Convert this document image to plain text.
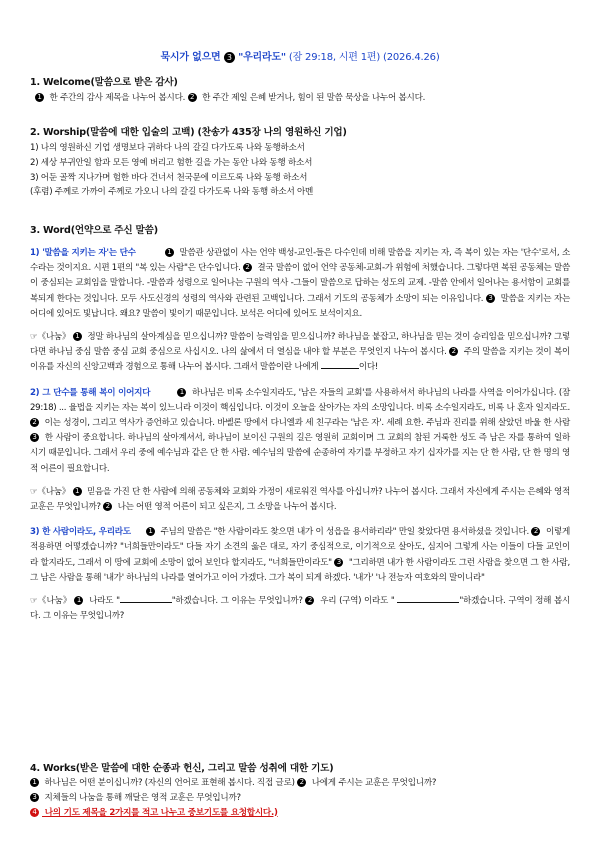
묵시가 없으면 3 "우리라도" (잠 29:18, 시편 1편) (2026.4.26)

1. Welcome(말씀으로 받은 감사)

1 한 주간의 감사 제목을 나누어 봅시다. 2 한 주간 제일 은혜 받거나, 힘이 된 말씀 묵상을 나누어 봅시다.

2. Worship(말씀에 대한 입술의 고백) (찬송가 435장 나의 영원하신 기업)

1) 나의 영원하신 기업 생명보다 귀하다 나의 갈길 다가도록 나와 동행하소서

2) 세상 부귀안일 함과 모든 영예 버리고 험한 길을 가는 동안 나와 동행 하소서

3) 어둔 골짝 지나가며 험한 바다 건너서 천국문에 이르도록 나와 동행 하소서

(후렴) 주께로 가까이 주께로 가오니 나의 갈길 다가도록 나와 동행 하소서 아멘

3. Word(언약으로 주신 말씀)

1) '말씀을 지키는 자'는 단수	1 말씀관 상관없이 사는 언약 백성-교인-들은 다수인데 비해 말씀을 지키는 자, 즉 복이 있는 자는 '단수'로서, 소수라는 것이지요. 시편 1편의 "복 있는 사람"은 단수입니다. 2 결국 말씀이 없어 언약 공동체-교회-가 위험에 처했습니다. 그렇다면 복된 공동체는 말씀이 중심되는 교회임을 말합니다. -말씀과 성령으로 일어나는 구원의 역사 -그들이 말씀으로 답하는 성도의 교제. -말씀 안에서 일어나는 용서함이 교회를 복되게 한다는 것입니다. 모두 사도신경의 성령의 역사와 관련된 고백입니다. 그래서 기도의 공동체가 소망이 되는 이유입니다. 3 말씀을 지키는 자는 어디에 있어도 빛납니다. 왜요? 말씀이 빛이기 때문입니다. 보석은 어디에 있어도 보석이지요.

☞《나눔》 1 정말 하나님의 살아계심을 믿으십니까? 말씀이 능력임을 믿으십니까? 하나님을 붙잡고, 하나님을 믿는 것이 승리임을 믿으십니까? 그렇다면 하나님 중심 말씀 중심 교회 중심으로 사십시오. 나의 삶에서 더 열심을 내야 할 부분은 무엇인지 나누어 봅시다. 2 주의 말씀을 지키는 것이 복이 이유를 자신의 신앙고백과 경험으로 통해 나누어 봅시다. 그래서 말씀이란 나에게	이다!

2) 그 단수를 통해 복이 이어지다	1 하나님은 비록 소수일지라도, '남은 자들의 교회'를 사용하셔서 하나님의 나라를 사역을 이어가십니다. (잠 29:18) ... 율법을 지키는 자는 복이 있느니라 이것이 핵심입니다. 이것이 오늘을 살아가는 자의 소망입니다. 비록 소수일지라도, 비록 나 혼자 일지라도. 2 이는 성경이, 그리고 역사가 증언하고 있습니다. 바벨론 땅에서 다니엘과 세 친구라는 '남은 자'. 세례 요한. 주님과 진리를 위해 살았던 바울 한 사람 3 한 사람이 중요합니다. 하나님의 살아계셔서, 하나님이 보이신 구원의 길은 영원히 교회이며 그 교회의 참된 거룩한 성도 즉 남은 자를 통하여 일하시기 때문입니다. 그래서 우리 중에 예수님과 같은 단 한 사람. 예수님의 말씀에 순종하여 자기를 부정하고 자기 십자가를 지는 단 한 사람, 단 한 명의 영적 어른이 필요합니다.

☞《나눔》 1 믿음을 가진 단 한 사람에 의해 공동체와 교회와 가정이 새로워진 역사를 아십니까? 나누어 봅시다. 그래서 자신에게 주시는 은혜와 영적 교훈은 무엇입니까? 2 나는 어떤 영적 어른이 되고 싶은지, 그 소망을 나누어 봅시다.

3) 한 사람이라도, 우리라도	1 주님의 말씀은 "한 사람이라도 찾으면 내가 이 성읍을 용서하리라" 만일 찾았다면 용서하셨을 것입니다. 2 이렇게 적용하면 어떻겠습니까? "너희들만이라도" 다들 자기 소견의 옳은 대로, 자기 중심적으로, 이기적으로 살아도, 심지어 그렇게 사는 이들이 다들 교인이라 할지라도, 그래서 이 땅에 교회에 소망이 없어 보인다 할지라도, "너희들만이라도" 3 "그리하면 내가 한 사람이라도 그런 사람을 찾으면 그 한 사람, 그 남은 사람을 통해 '내가' 하나님의 나라를 열어가고 이어 가겠다. 그가 복이 되게 하겠다. '내가' '나 전능자 여호와의 말이니라"

☞《나눔》 1 나라도 "	"하겠습니다. 그 이유는 무엇입니까? 2 우리 (구역) 이라도 "	"하겠습니다. 구역이 정해 봅시다. 그 이유는 무엇입니까?

4. Works(받은 말씀에 대한 순종과 헌신, 그리고 말씀 성취에 대한 기도)

1 하나님은 어떤 분이십니까? (자신의 언어로 표현해 봅시다. 직접 글로) 2 나에게 주시는 교훈은 무엇입니까?

3 지체들의 나눔을 통해 깨달은 영적 교훈은 무엇입니까?

4 나의 기도 제목을 2가지를 적고 나누고 중보기도를 요청합시다.)
